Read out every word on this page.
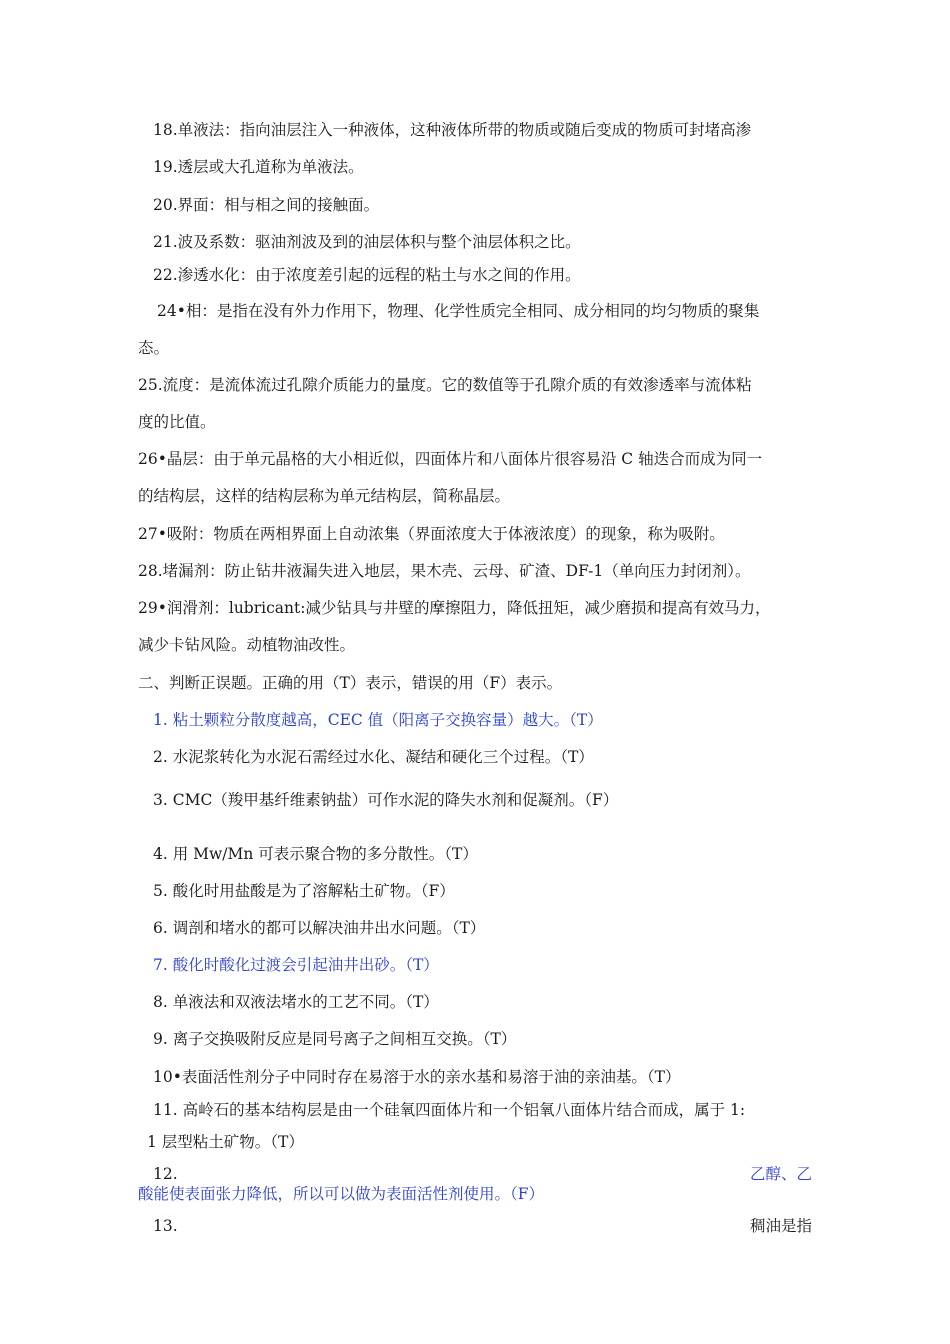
18.单液法：指向油层注入一种液体，这种液体所带的物质或随后变成的物质可封堵高渗
19.透层或大孔道称为单液法。
20.界面：相与相之间的接触面。
21.波及系数：驱油剂波及到的油层体积与整个油层体积之比。
22.渗透水化：由于浓度差引起的远程的粘土与水之间的作用。
24•相：是指在没有外力作用下，物理、化学性质完全相同、成分相同的均匀物质的聚集
态。
25.流度：是流体流过孔隙介质能力的量度。它的数值等于孔隙介质的有效渗透率与流体粘
度的比值。
26•晶层：由于单元晶格的大小相近似，四面体片和八面体片很容易沿 C 轴迭合而成为同一
的结构层，这样的结构层称为单元结构层，简称晶层。
27•吸附：物质在两相界面上自动浓集（界面浓度大于体液浓度）的现象，称为吸附。
28.堵漏剂：防止钻井液漏失进入地层，果木壳、云母、矿渣、DF-1（单向压力封闭剂）。
29•润滑剂：lubricant:减少钻具与井壁的摩擦阻力，降低扭矩，减少磨损和提高有效马力，
减少卡钻风险。动植物油改性。
二、判断正误题。正确的用（T）表示，错误的用（F）表示。
1. 粘土颗粒分散度越高，CEC 值（阳离子交换容量）越大。（T）
2. 水泥浆转化为水泥石需经过水化、凝结和硬化三个过程。（T）
3. CMC（羧甲基纤维素钠盐）可作水泥的降失水剂和促凝剂。（F）
4. 用 Mw/Mn 可表示聚合物的多分散性。（T）
5. 酸化时用盐酸是为了溶解粘土矿物。（F）
6. 调剖和堵水的都可以解决油井出水问题。（T）
7. 酸化时酸化过渡会引起油井出砂。（T）
8. 单液法和双液法堵水的工艺不同。（T）
9. 离子交换吸附反应是同号离子之间相互交换。（T）
10•表面活性剂分子中同时存在易溶于水的亲水基和易溶于油的亲油基。（T）
11. 高岭石的基本结构层是由一个硅氧四面体片和一个铝氧八面体片结合而成，属于 1:
1 层型粘土矿物。（T）
12.	乙醇、乙
酸能使表面张力降低，所以可以做为表面活性剂使用。（F）
13.	稠油是指
